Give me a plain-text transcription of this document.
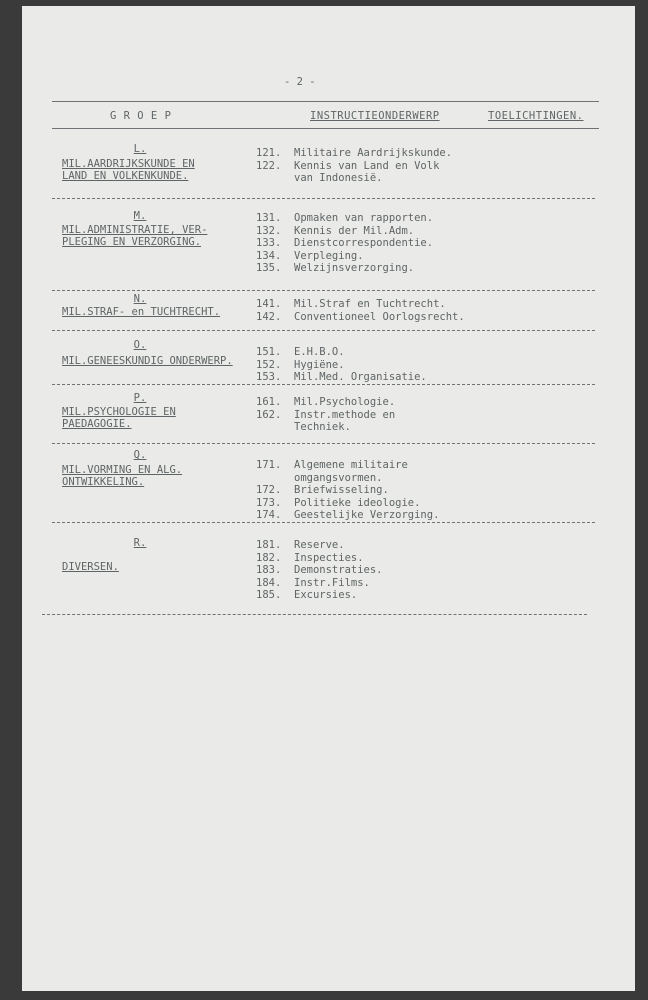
- 2 -
G R O E P	INSTRUCTIEONDERWERP	TOELICHTINGEN.
L.
MIL.AARDRIJKSKUNDE EN
LAND EN VOLKENKUNDE.
121.	Militaire Aardrijkskunde.
122.	Kennis van Land en Volk
van Indonesië.
M.
MIL.ADMINISTRATIE, VER-
PLEGING EN VERZORGING.
131.	Opmaken van rapporten.
132.	Kennis der Mil.Adm.
133.	Dienstcorrespondentie.
134.	Verpleging.
135.	Welzijnsverzorging.
N.
MIL.STRAF- en TUCHTRECHT.
141.	Mil.Straf en Tuchtrecht.
142.	Conventioneel Oorlogsrecht.
O.
MIL.GENEESKUNDIG ONDERWERP.
151.	E.H.B.O.
152.	Hygiëne.
153.	Mil.Med. Organisatie.
P.
MIL.PSYCHOLOGIE EN
PAEDAGOGIE.
161.	Mil.Psychologie.
162.	Instr.methode en
Techniek.
Q.
MIL.VORMING EN ALG.
ONTWIKKELING.
171.	Algemene militaire
omgangsvormen.
172.	Briefwisseling.
173.	Politieke ideologie.
174.	Geestelijke Verzorging.
R.
DIVERSEN.
181.	Reserve.
182.	Inspecties.
183.	Demonstraties.
184.	Instr.Films.
185.	Excursies.
